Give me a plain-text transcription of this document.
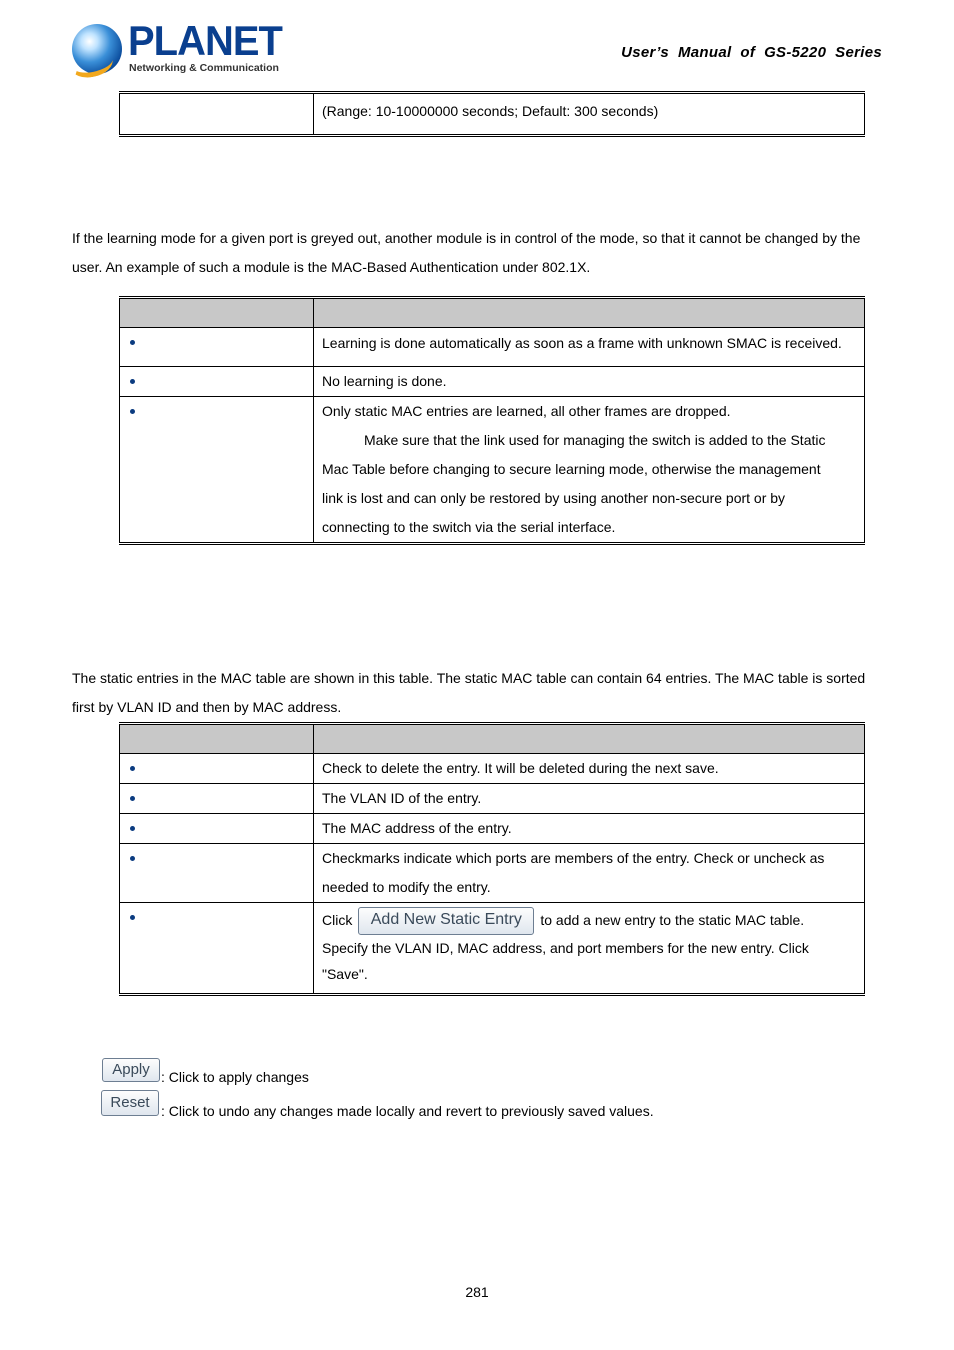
PLANET
Networking & Communication
User’s  Manual  of  GS-5220  Series

(Range: 10-10000000 seconds; Default: 300 seconds)
If the learning mode for a given port is greyed out, another module is in control of the mode, so that it cannot be changed by the user. An example of such a module is the MAC-Based Authentication under 802.1X.

	Learning is done automatically as soon as a frame with unknown SMAC is received.

	No learning is done.

	Only static MAC entries are learned, all other frames are dropped.
Make sure that the link used for managing the switch is added to the Static
Mac Table before changing to secure learning mode, otherwise the management
link is lost and can only be restored by using another non-secure port or by
connecting to the switch via the serial interface.
The static entries in the MAC table are shown in this table. The static MAC table can contain 64 entries. The MAC table is sorted first by VLAN ID and then by MAC address.

	Check to delete the entry. It will be deleted during the next save.

	The VLAN ID of the entry.

	The MAC address of the entry.

	Checkmarks indicate which ports are members of the entry. Check or uncheck as
needed to modify the entry.

	Click Add New Static Entry to add a new entry to the static MAC table.
Specify the VLAN ID, MAC address, and port members for the new entry. Click
"Save".
Apply : Click to apply changes
Reset : Click to undo any changes made locally and revert to previously saved values.
281
